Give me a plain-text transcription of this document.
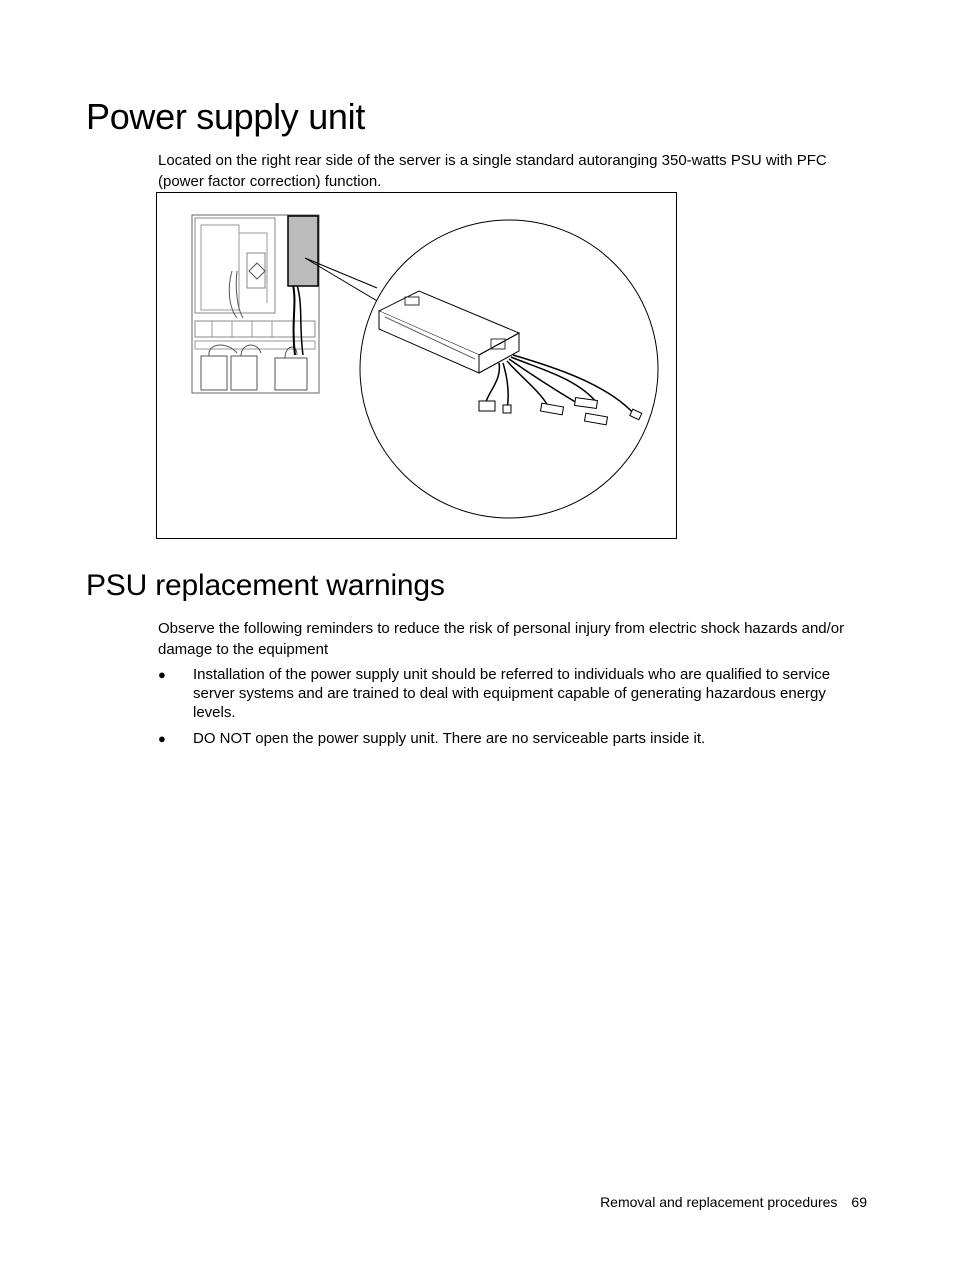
Power supply unit

Located on the right rear side of the server is a single standard autoranging 350-watts PSU with PFC (power factor correction) function.

PSU replacement warnings

Observe the following reminders to reduce the risk of personal injury from electric shock hazards and/or damage to the equipment

● Installation of the power supply unit should be referred to individuals who are qualified to service server systems and are trained to deal with equipment capable of generating hazardous energy levels.
● DO NOT open the power supply unit. There are no serviceable parts inside it.
Removal and replacement procedures 69
